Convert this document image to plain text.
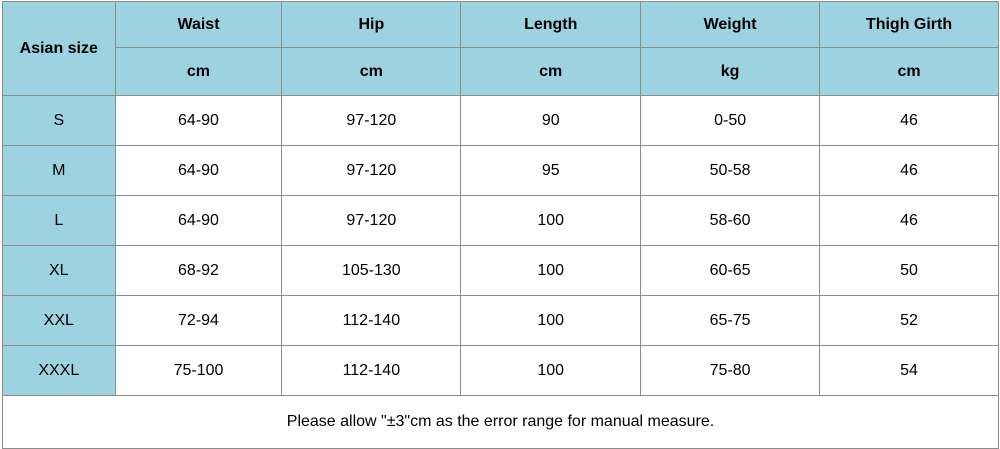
Asian size	Waist	Hip	Length	Weight	Thigh Girth
	cm	cm	cm	kg	cm
S	64-90	97-120	90	0-50	46
M	64-90	97-120	95	50-58	46
L	64-90	97-120	100	58-60	46
XL	68-92	105-130	100	60-65	50
XXL	72-94	112-140	100	65-75	52
XXXL	75-100	112-140	100	75-80	54
Please allow "±3"cm as the error range for manual measure.					
